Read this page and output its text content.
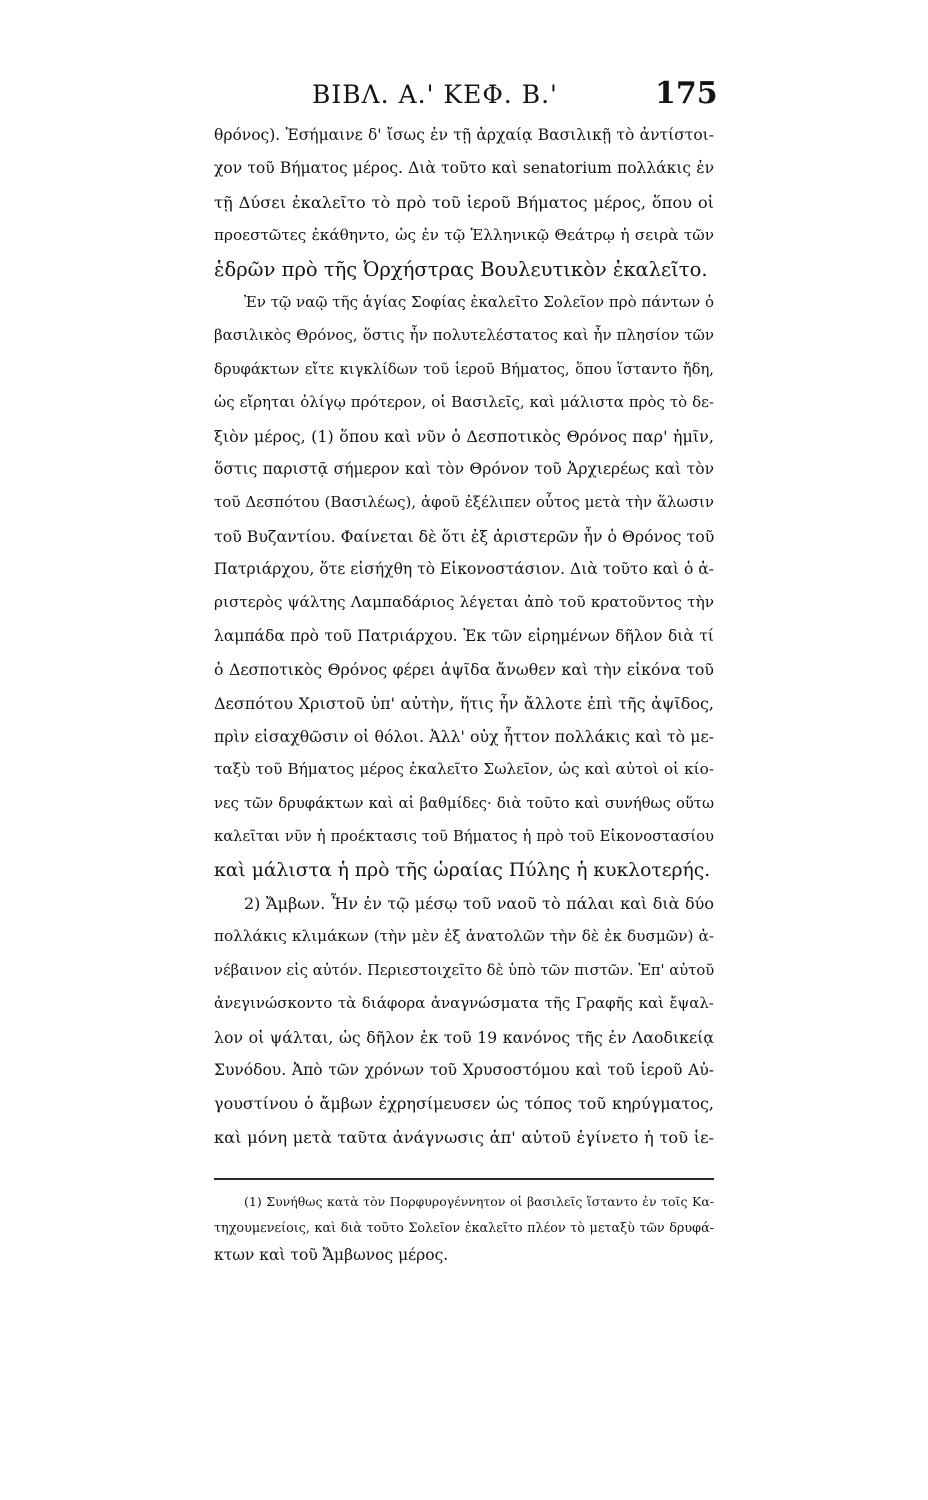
ΒΙΒΛ. Α.' ΚΕΦ. Β.'	175
θρόνος). Ἐσήμαινε δ' ἴσως ἐν τῇ ἀρχαίᾳ Βασιλικῇ τὸ ἀντίστοι-
χον τοῦ Βήματος μέρος. Διὰ τοῦτο καὶ senatorium πολλάκις ἐν
τῇ Δύσει ἐκαλεῖτο τὸ πρὸ τοῦ ἱεροῦ Βήματος μέρος, ὅπου οἱ
προεστῶτες ἐκάθηντο, ὡς ἐν τῷ Ἑλληνικῷ Θεάτρῳ ἡ σειρὰ τῶν
ἑδρῶν πρὸ τῆς Ὀρχήστρας Βουλευτικὸν ἐκαλεῖτο.
Ἐν τῷ ναῷ τῆς ἁγίας Σοφίας ἐκαλεῖτο Σολεῖον πρὸ πάντων ὁ
βασιλικὸς Θρόνος, ὅστις ἦν πολυτελέστατος καὶ ἦν πλησίον τῶν
δρυφάκτων εἴτε κιγκλίδων τοῦ ἱεροῦ Βήματος, ὅπου ἵσταντο ἤδη,
ὡς εἴρηται ὀλίγῳ πρότερον, οἱ Βασιλεῖς, καὶ μάλιστα πρὸς τὸ δε-
ξιὸν μέρος, (1) ὅπου καὶ νῦν ὁ Δεσποτικὸς Θρόνος παρ' ἡμῖν,
ὅστις παριστᾷ σήμερον καὶ τὸν Θρόνον τοῦ Ἀρχιερέως καὶ τὸν
τοῦ Δεσπότου (Βασιλέως), ἀφοῦ ἐξέλιπεν οὗτος μετὰ τὴν ἅλωσιν
τοῦ Βυζαντίου. Φαίνεται δὲ ὅτι ἐξ ἀριστερῶν ἦν ὁ Θρόνος τοῦ
Πατριάρχου, ὅτε εἰσήχθη τὸ Εἰκονοστάσιον. Διὰ τοῦτο καὶ ὁ ἀ-
ριστερὸς ψάλτης Λαμπαδάριος λέγεται ἀπὸ τοῦ κρατοῦντος τὴν
λαμπάδα πρὸ τοῦ Πατριάρχου. Ἐκ τῶν εἰρημένων δῆλον διὰ τί
ὁ Δεσποτικὸς Θρόνος φέρει ἀψῖδα ἄνωθεν καὶ τὴν εἰκόνα τοῦ
Δεσπότου Χριστοῦ ὑπ' αὐτὴν, ἥτις ἦν ἄλλοτε ἐπὶ τῆς ἀψῖδος,
πρὶν εἰσαχθῶσιν οἱ θόλοι. Ἀλλ' οὐχ ἧττον πολλάκις καὶ τὸ με-
ταξὺ τοῦ Βήματος μέρος ἐκαλεῖτο Σωλεῖον, ὡς καὶ αὐτοὶ οἱ κίο-
νες τῶν δρυφάκτων καὶ αἱ βαθμίδες· διὰ τοῦτο καὶ συνήθως οὕτω
καλεῖται νῦν ἡ προέκτασις τοῦ Βήματος ἡ πρὸ τοῦ Εἰκονοστασίου
καὶ μάλιστα ἡ πρὸ τῆς ὡραίας Πύλης ἡ κυκλοτερής.
2) Ἄμβων. Ἦν ἐν τῷ μέσῳ τοῦ ναοῦ τὸ πάλαι καὶ διὰ δύο
πολλάκις κλιμάκων (τὴν μὲν ἐξ ἀνατολῶν τὴν δὲ ἐκ δυσμῶν) ἀ-
νέβαινον εἰς αὐτόν. Περιεστοιχεῖτο δὲ ὑπὸ τῶν πιστῶν. Ἐπ' αὐτοῦ
ἀνεγινώσκοντο τὰ διάφορα ἀναγνώσματα τῆς Γραφῆς καὶ ἔψαλ-
λον οἱ ψάλται, ὡς δῆλον ἐκ τοῦ 19 κανόνος τῆς ἐν Λαοδικείᾳ
Συνόδου. Ἀπὸ τῶν χρόνων τοῦ Χρυσοστόμου καὶ τοῦ ἱεροῦ Αὐ-
γουστίνου ὁ ἄμβων ἐχρησίμευσεν ὡς τόπος τοῦ κηρύγματος,
καὶ μόνη μετὰ ταῦτα ἀνάγνωσις ἀπ' αὐτοῦ ἐγίνετο ἡ τοῦ ἱε-
(1) Συνήθως κατὰ τὸν Πορφυρογέννητον οἱ βασιλεῖς ἵσταντο ἐν τοῖς Κα-
τηχουμενείοις, καὶ διὰ τοῦτο Σολεῖον ἐκαλεῖτο πλέον τὸ μεταξὺ τῶν δρυφά-
κτων καὶ τοῦ Ἄμβωνος μέρος.
